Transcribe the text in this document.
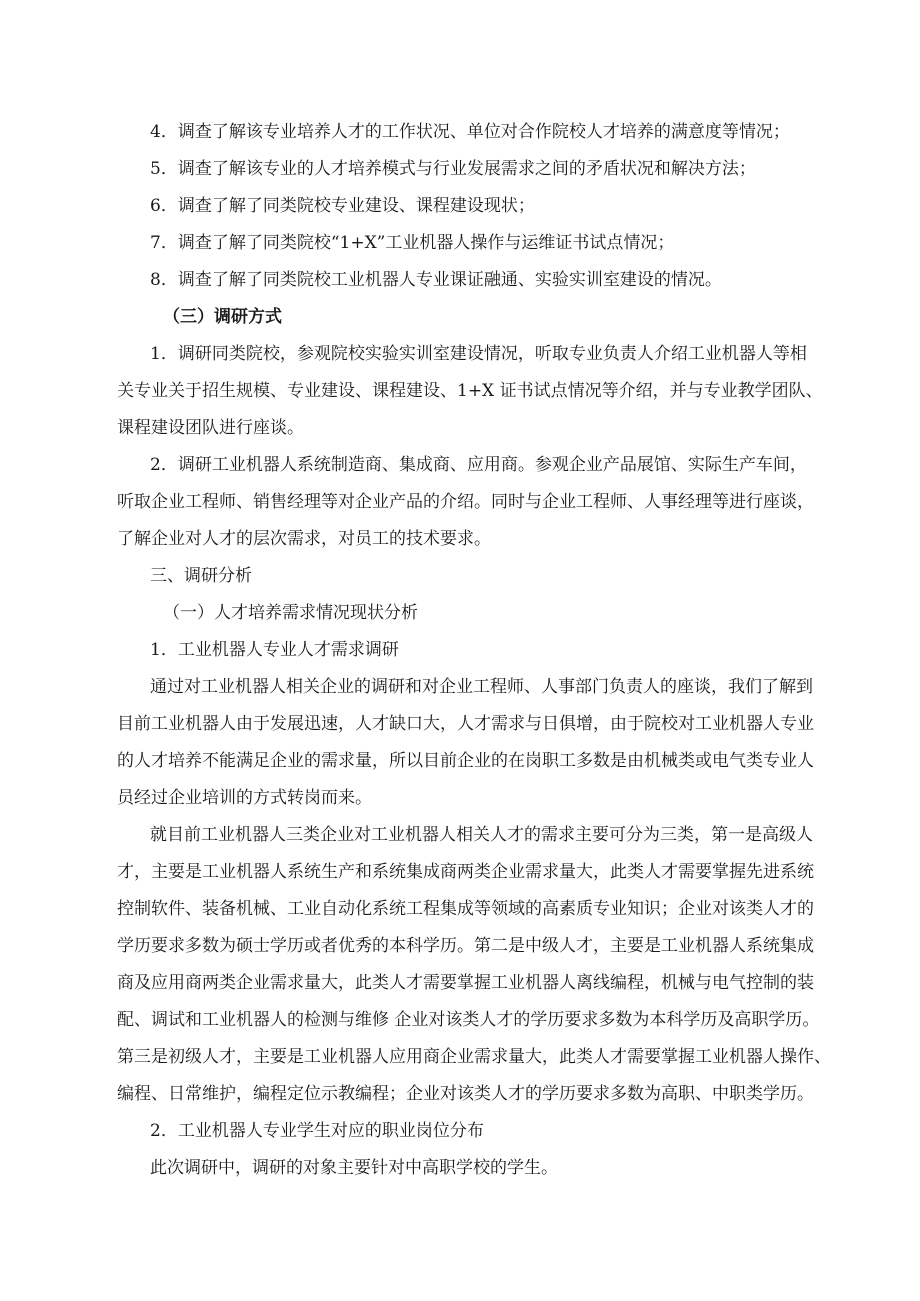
4．调查了解该专业培养人才的工作状况、单位对合作院校人才培养的满意度等情况；

5．调查了解该专业的人才培养模式与行业发展需求之间的矛盾状况和解决方法；

6．调查了解了同类院校专业建设、课程建设现状；

7．调查了解了同类院校“1+X”工业机器人操作与运维证书试点情况；

8．调查了解了同类院校工业机器人专业课证融通、实验实训室建设的情况。

（三）调研方式

1．调研同类院校，参观院校实验实训室建设情况，听取专业负责人介绍工业机器人等相

关专业关于招生规模、专业建设、课程建设、1+X 证书试点情况等介绍，并与专业教学团队、

课程建设团队进行座谈。

2．调研工业机器人系统制造商、集成商、应用商。参观企业产品展馆、实际生产车间，

听取企业工程师、销售经理等对企业产品的介绍。同时与企业工程师、人事经理等进行座谈，

了解企业对人才的层次需求，对员工的技术要求。

三、调研分析

（一）人才培养需求情况现状分析

1．工业机器人专业人才需求调研

通过对工业机器人相关企业的调研和对企业工程师、人事部门负责人的座谈，我们了解到

目前工业机器人由于发展迅速，人才缺口大，人才需求与日俱增，由于院校对工业机器人专业

的人才培养不能满足企业的需求量，所以目前企业的在岗职工多数是由机械类或电气类专业人

员经过企业培训的方式转岗而来。

就目前工业机器人三类企业对工业机器人相关人才的需求主要可分为三类，第一是高级人

才，主要是工业机器人系统生产和系统集成商两类企业需求量大，此类人才需要掌握先进系统

控制软件、装备机械、工业自动化系统工程集成等领域的高素质专业知识；企业对该类人才的

学历要求多数为硕士学历或者优秀的本科学历。第二是中级人才，主要是工业机器人系统集成

商及应用商两类企业需求量大，此类人才需要掌握工业机器人离线编程，机械与电气控制的装

配、调试和工业机器人的检测与维修 企业对该类人才的学历要求多数为本科学历及高职学历。

第三是初级人才，主要是工业机器人应用商企业需求量大，此类人才需要掌握工业机器人操作、

编程、日常维护，编程定位示教编程；企业对该类人才的学历要求多数为高职、中职类学历。

2．工业机器人专业学生对应的职业岗位分布

此次调研中，调研的对象主要针对中高职学校的学生。
